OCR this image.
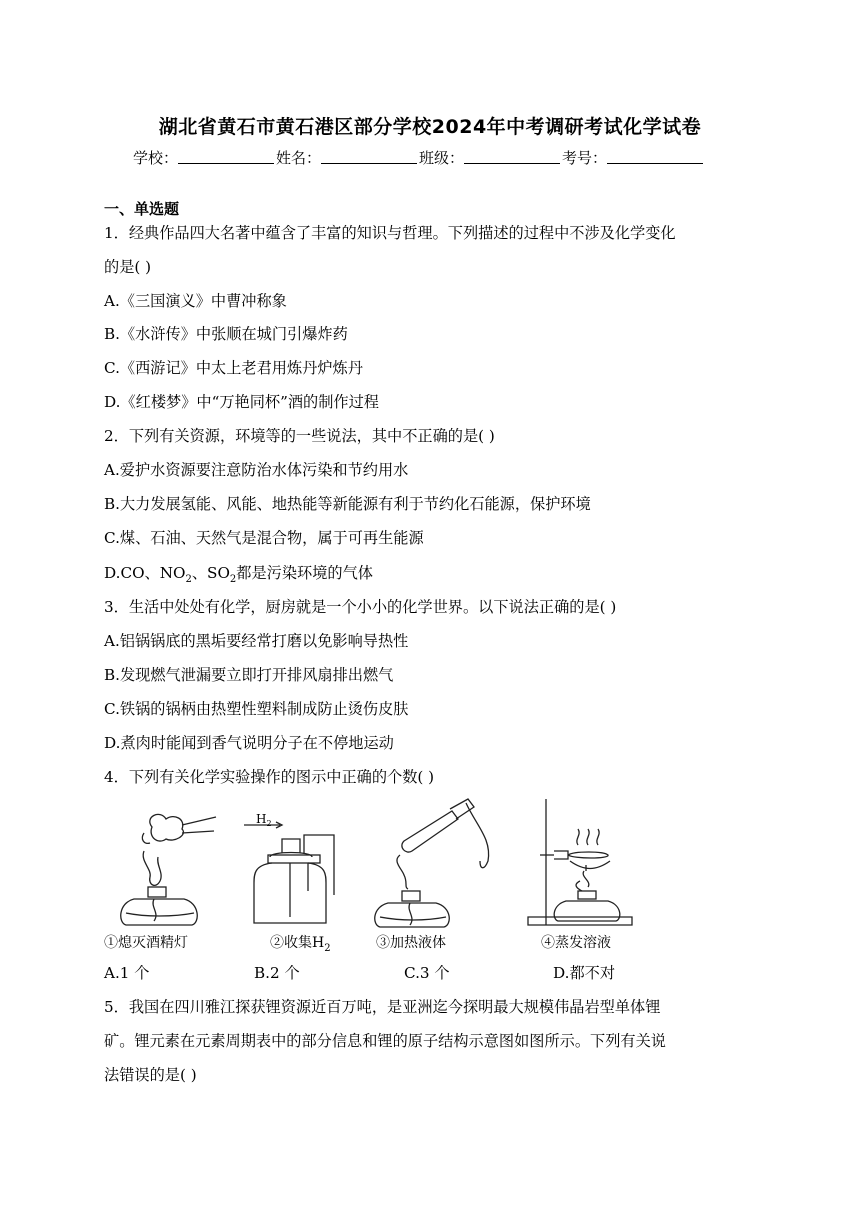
湖北省黄石市黄石港区部分学校2024年中考调研考试化学试卷
学校：	姓名：	班级：	考号：
一、单选题
1．经典作品四大名著中蕴含了丰富的知识与哲理。下列描述的过程中不涉及化学变化
的是( )
A.《三国演义》中曹冲称象
B.《水浒传》中张顺在城门引爆炸药
C.《西游记》中太上老君用炼丹炉炼丹
D.《红楼梦》中“万艳同杯”酒的制作过程
2．下列有关资源，环境等的一些说法，其中不正确的是( )
A.爱护水资源要注意防治水体污染和节约用水
B.大力发展氢能、风能、地热能等新能源有利于节约化石能源，保护环境
C.煤、石油、天然气是混合物，属于可再生能源
D.CO、$NO_2$、$SO_2$都是污染环境的气体
3．生活中处处有化学，厨房就是一个小小的化学世界。以下说法正确的是( )
A.铝锅锅底的黑垢要经常打磨以免影响导热性
B.发现燃气泄漏要立即打开排风扇排出燃气
C.铁锅的锅柄由热塑性塑料制成防止烫伤皮肤
D.煮肉时能闻到香气说明分子在不停地运动
4．下列有关化学实验操作的图示中正确的个数( )
$H_2$
①熄灭酒精灯	②收集$H_2$	③加热液体	④蒸发溶液
A.1 个	B.2 个	C.3 个	D.都不对
5．我国在四川雅江探获锂资源近百万吨，是亚洲迄今探明最大规模伟晶岩型单体锂
矿。锂元素在元素周期表中的部分信息和锂的原子结构示意图如图所示。下列有关说
法错误的是( )
